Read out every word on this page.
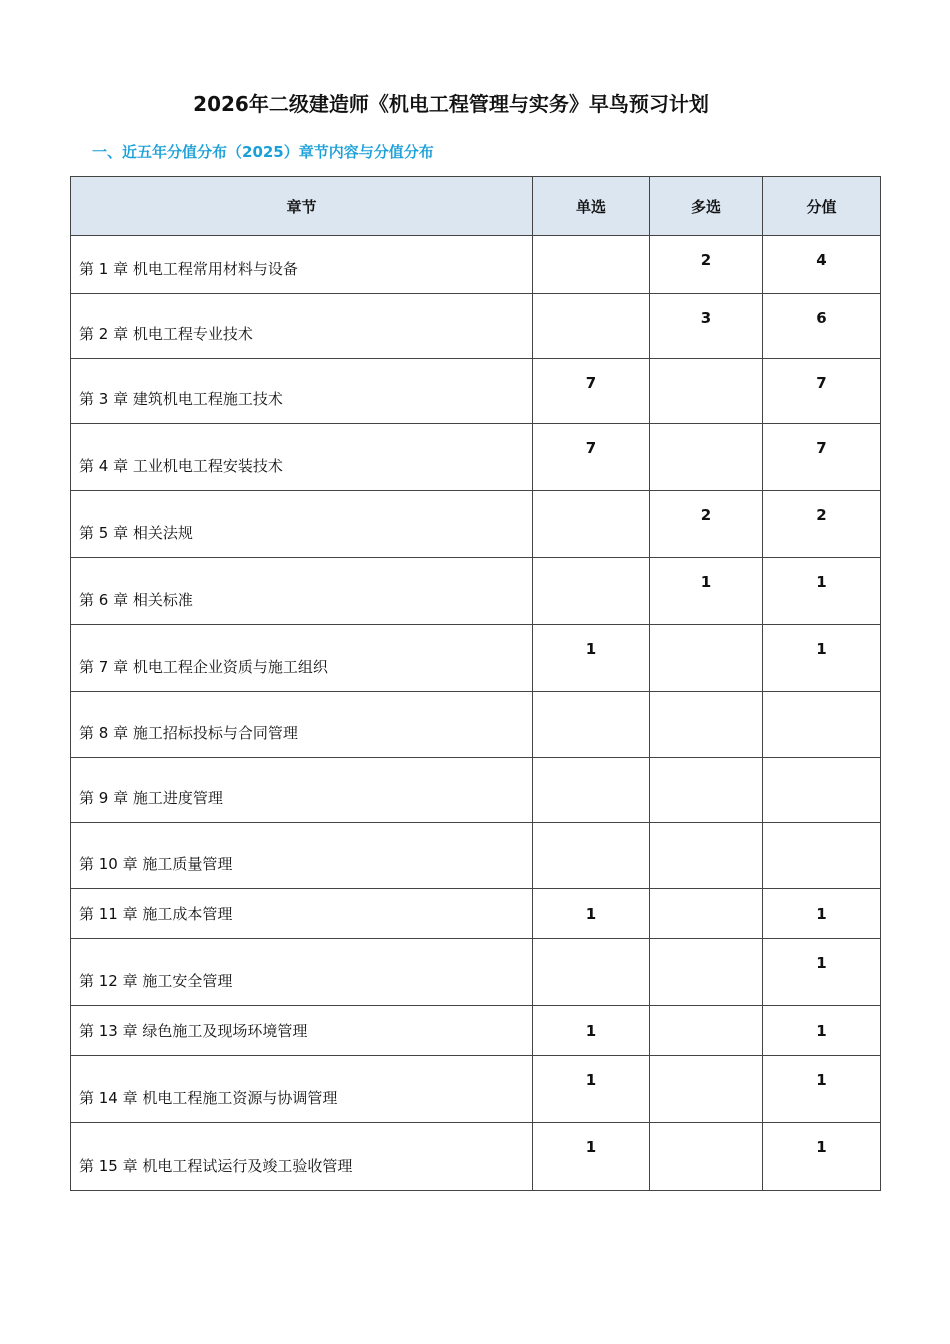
2026年二级建造师《机电工程管理与实务》早鸟预习计划
一、近五年分值分布（2025）章节内容与分值分布
章节	单选	多选	分值
第 1 章 机电工程常用材料与设备		2	4
第 2 章 机电工程专业技术		3	6
第 3 章 建筑机电工程施工技术	7		7
第 4 章 工业机电工程安装技术	7		7
第 5 章 相关法规		2	2
第 6 章 相关标准		1	1
第 7 章 机电工程企业资质与施工组织	1		1
第 8 章 施工招标投标与合同管理			
第 9 章 施工进度管理			
第 10 章 施工质量管理			
第 11 章 施工成本管理	1		1
第 12 章 施工安全管理			1
第 13 章 绿色施工及现场环境管理	1		1
第 14 章 机电工程施工资源与协调管理	1		1
第 15 章 机电工程试运行及竣工验收管理	1		1
